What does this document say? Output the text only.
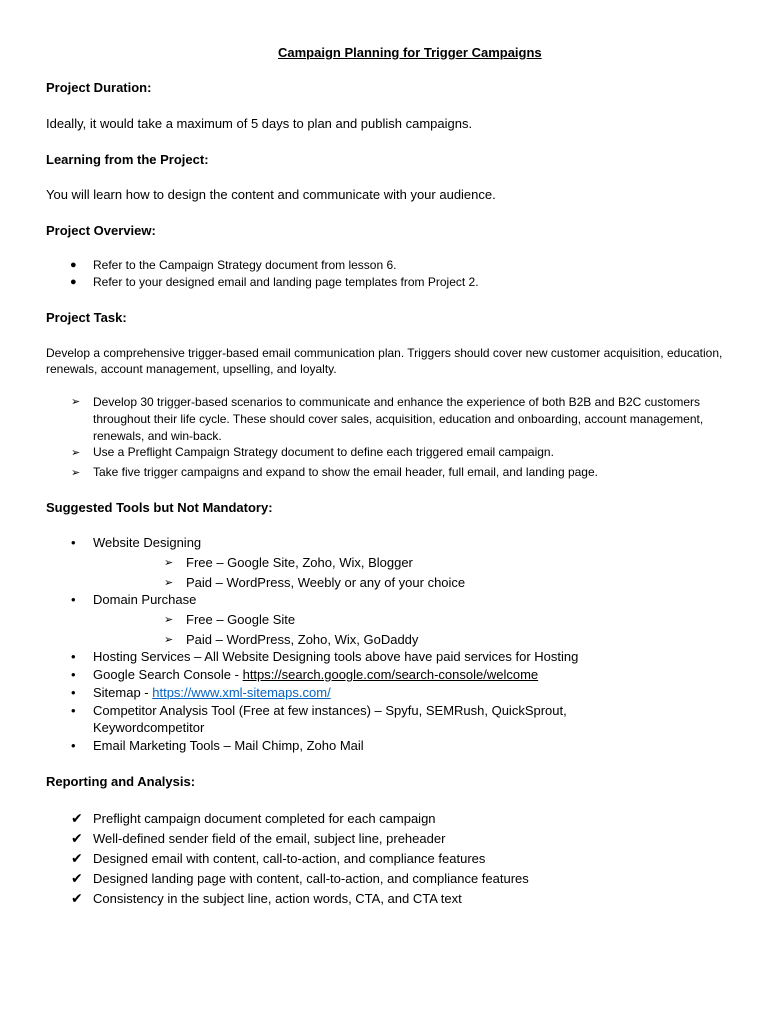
Campaign Planning for Trigger Campaigns
Project Duration:
Ideally, it would take a maximum of 5 days to plan and publish campaigns.
Learning from the Project:
You will learn how to design the content and communicate with your audience.
Project Overview:
● Refer to the Campaign Strategy document from lesson 6.
● Refer to your designed email and landing page templates from Project 2.
Project Task:
Develop a comprehensive trigger-based email communication plan. Triggers should cover new customer acquisition, education, renewals, account management, upselling, and loyalty.
➢ Develop 30 trigger-based scenarios to communicate and enhance the experience of both B2B and B2C customers throughout their life cycle. These should cover sales, acquisition, education and onboarding, account management, renewals, and win-back.
➢ Use a Preflight Campaign Strategy document to define each triggered email campaign.
➢ Take five trigger campaigns and expand to show the email header, full email, and landing page.
Suggested Tools but Not Mandatory:
• Website Designing
➢ Free – Google Site, Zoho, Wix, Blogger
➢ Paid – WordPress, Weebly or any of your choice
• Domain Purchase
➢ Free – Google Site
➢ Paid – WordPress, Zoho, Wix, GoDaddy
• Hosting Services – All Website Designing tools above have paid services for Hosting
• Google Search Console - https://search.google.com/search-console/welcome
• Sitemap - https://www.xml-sitemaps.com/
• Competitor Analysis Tool (Free at few instances) – Spyfu, SEMRush, QuickSprout,
Keywordcompetitor
• Email Marketing Tools – Mail Chimp, Zoho Mail
Reporting and Analysis:
✔ Preflight campaign document completed for each campaign
✔ Well-defined sender field of the email, subject line, preheader
✔ Designed email with content, call-to-action, and compliance features
✔ Designed landing page with content, call-to-action, and compliance features
✔ Consistency in the subject line, action words, CTA, and CTA text
